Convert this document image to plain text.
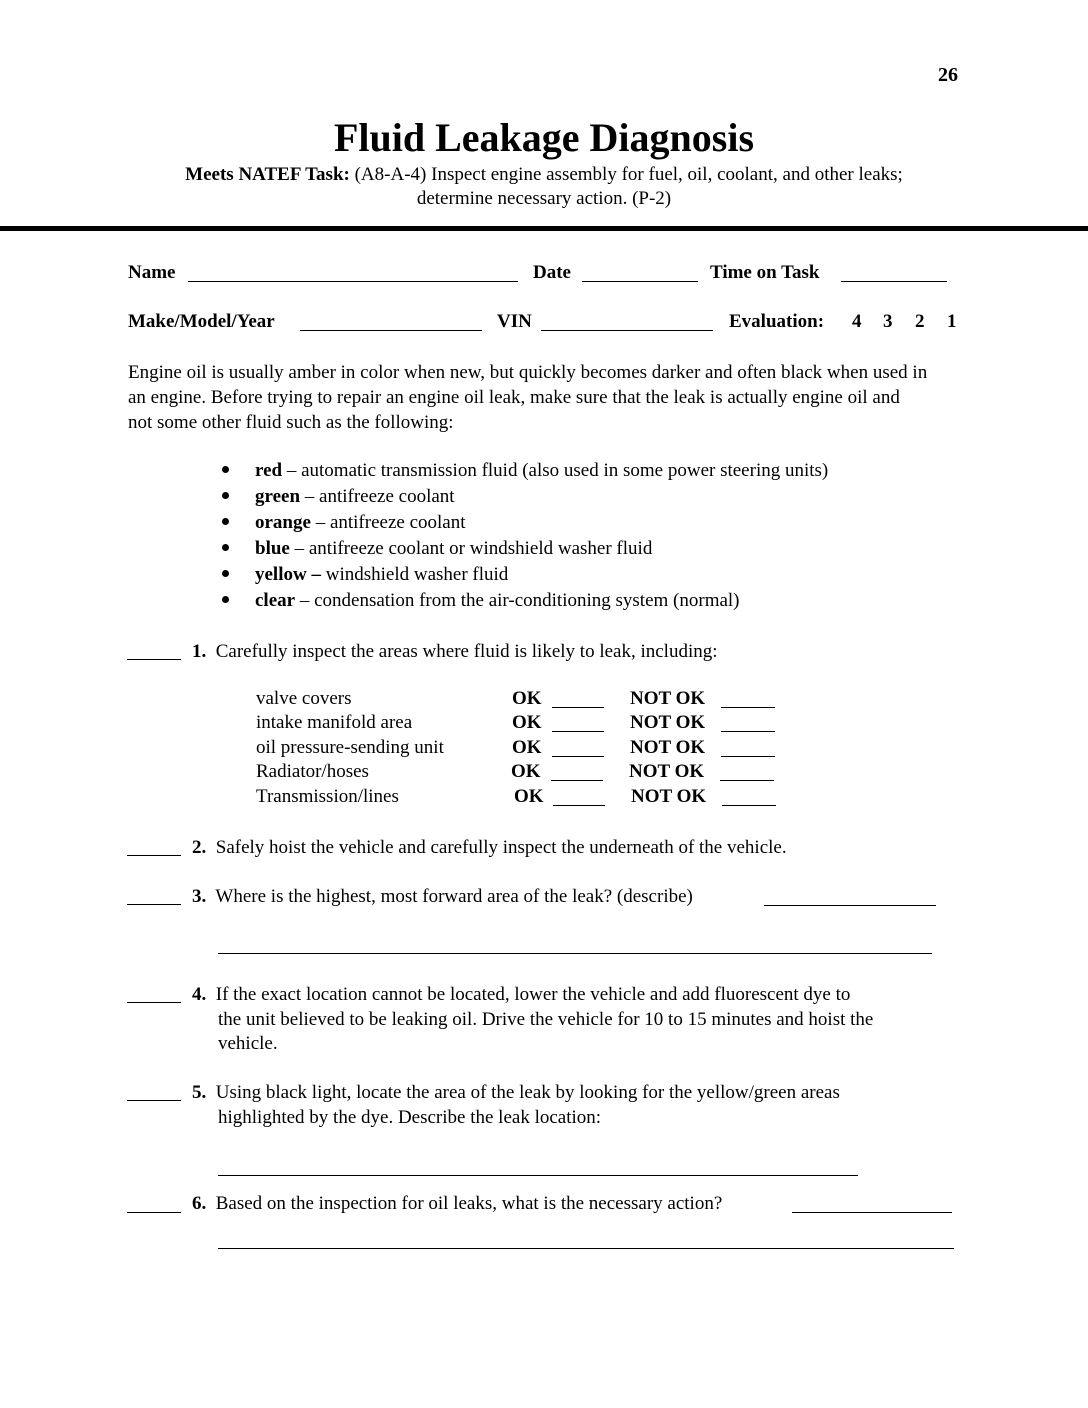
26
Fluid Leakage Diagnosis
Meets NATEF Task: (A8-A-4) Inspect engine assembly for fuel, oil, coolant, and other leaks;
determine necessary action. (P-2)
Name	Date	Time on Task
Make/Model/Year	VIN	Evaluation: 4 3 2 1
Engine oil is usually amber in color when new, but quickly becomes darker and often black when used in an engine. Before trying to repair an engine oil leak, make sure that the leak is actually engine oil and not some other fluid such as the following:
red – automatic transmission fluid (also used in some power steering units)
green – antifreeze coolant
orange – antifreeze coolant
blue – antifreeze coolant or windshield washer fluid
yellow – windshield washer fluid
clear – condensation from the air-conditioning system (normal)
1. Carefully inspect the areas where fluid is likely to leak, including:
valve covers	OK	NOT OK
intake manifold area	OK	NOT OK
oil pressure-sending unit	OK	NOT OK
Radiator/hoses	OK	NOT OK
Transmission/lines	OK	NOT OK
2. Safely hoist the vehicle and carefully inspect the underneath of the vehicle.
3. Where is the highest, most forward area of the leak? (describe)
4. If the exact location cannot be located, lower the vehicle and add fluorescent dye to
the unit believed to be leaking oil. Drive the vehicle for 10 to 15 minutes and hoist the
vehicle.
5. Using black light, locate the area of the leak by looking for the yellow/green areas
highlighted by the dye. Describe the leak location:
6. Based on the inspection for oil leaks, what is the necessary action?
